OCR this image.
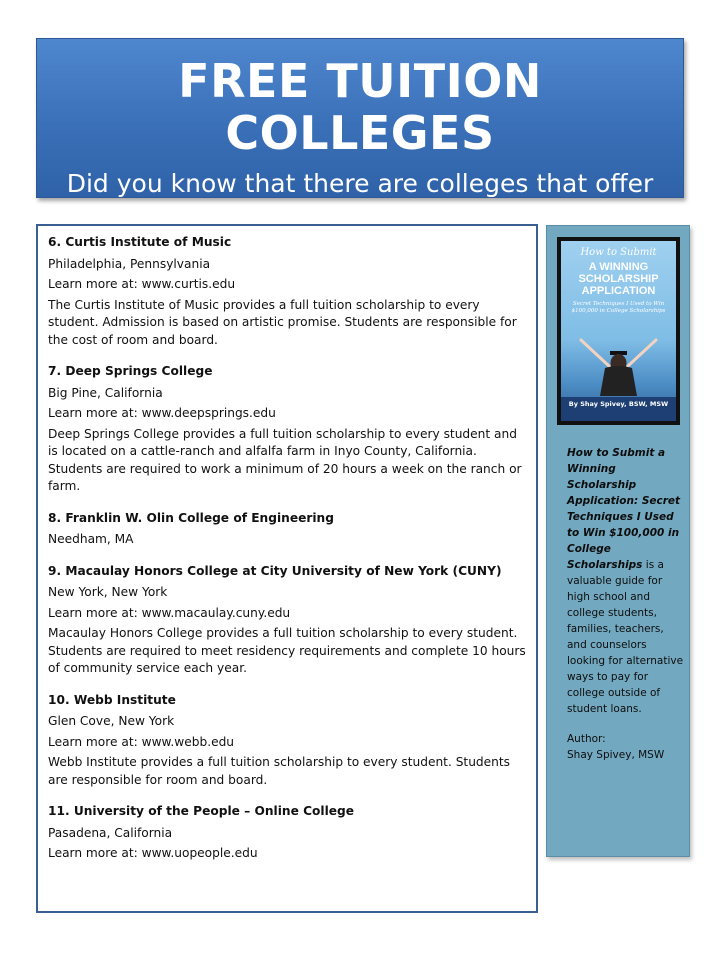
FREE TUITION COLLEGES
Did you know that there are colleges that offer FREE tuition in the U.S.?

6. Curtis Institute of Music

Philadelphia, Pennsylvania

Learn more at: www.curtis.edu

The Curtis Institute of Music provides a full tuition scholarship to every student. Admission is based on artistic promise. Students are responsible for the cost of room and board.

7. Deep Springs College

Big Pine, California

Learn more at: www.deepsprings.edu

Deep Springs College provides a full tuition scholarship to every student and is located on a cattle-ranch and alfalfa farm in Inyo County, California. Students are required to work a minimum of 20 hours a week on the ranch or farm.

8. Franklin W. Olin College of Engineering

Needham, MA

9. Macaulay Honors College at City University of New York (CUNY)

New York, New York

Learn more at: www.macaulay.cuny.edu

Macaulay Honors College provides a full tuition scholarship to every student. Students are required to meet residency requirements and complete 10 hours of community service each year.

10. Webb Institute

Glen Cove, New York

Learn more at: www.webb.edu

Webb Institute provides a full tuition scholarship to every student. Students are responsible for room and board.

11. University of the People – Online College

Pasadena, California

Learn more at: www.uopeople.edu

How to Submit
A WINNING SCHOLARSHIP APPLICATION
Secret Techniques I Used to Win $100,000 in College Scholarships
By Shay Spivey, BSW, MSW
How to Submit a Winning Scholarship Application: Secret Techniques I Used to Win $100,000 in College Scholarships is a valuable guide for high school and college students, families, teachers, and counselors looking for alternative ways to pay for college outside of student loans.
Author:
Shay Spivey, MSW
